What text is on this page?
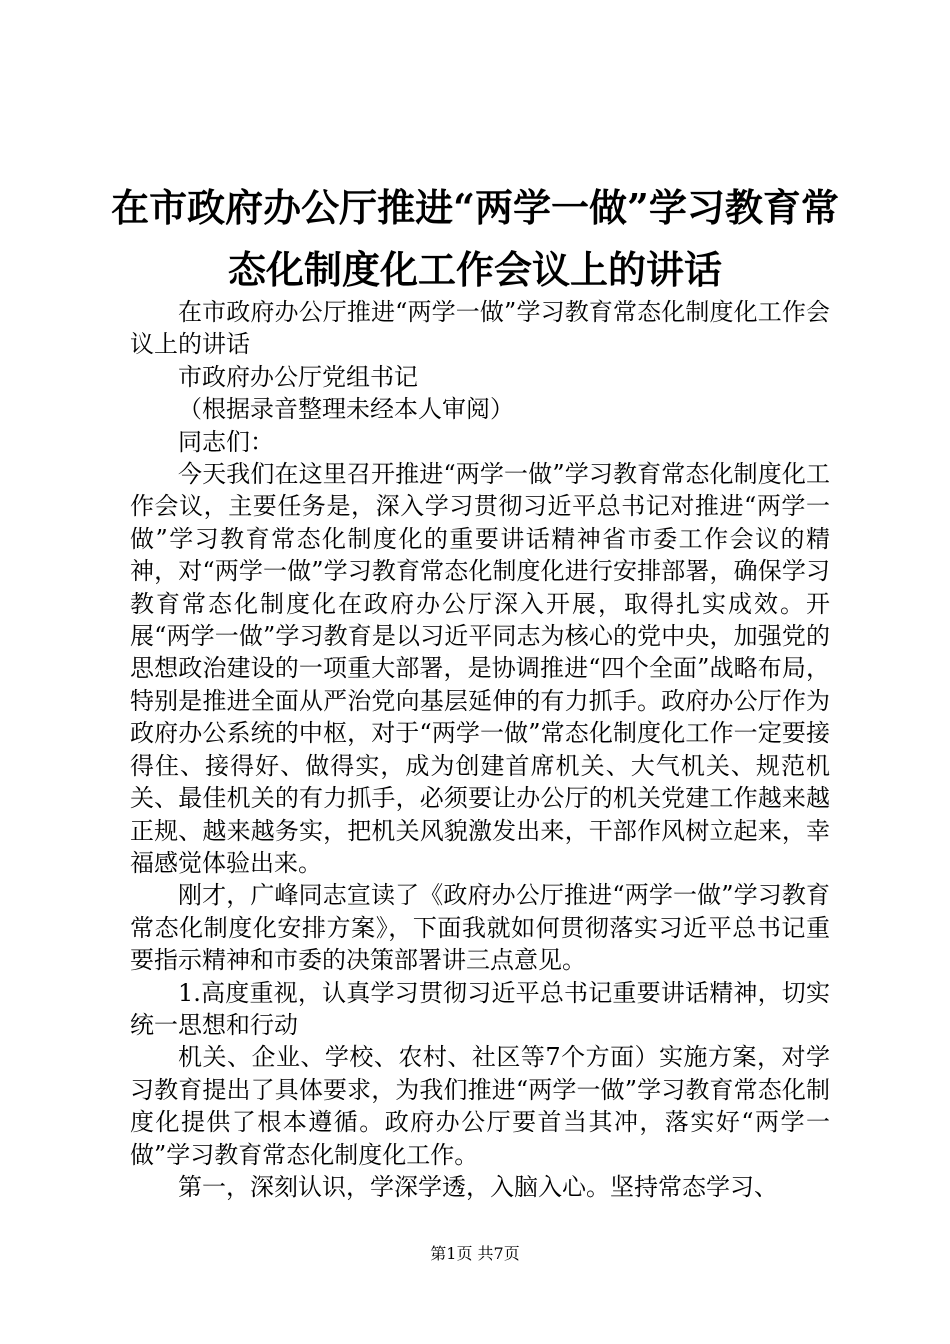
在市政府办公厅推进“两学一做”学习教育常
态化制度化工作会议上的讲话

在市政府办公厅推进“两学一做”学习教育常态化制度化工作会议上的讲话

市政府办公厅党组书记

（根据录音整理未经本人审阅）

同志们：

今天我们在这里召开推进“两学一做”学习教育常态化制度化工作会议，主要任务是，深入学习贯彻习近平总书记对推进“两学一做”学习教育常态化制度化的重要讲话精神省市委工作会议的精神，对“两学一做”学习教育常态化制度化进行安排部署，确保学习教育常态化制度化在政府办公厅深入开展，取得扎实成效。开展“两学一做”学习教育是以习近平同志为核心的党中央，加强党的思想政治建设的一项重大部署，是协调推进“四个全面”战略布局，特别是推进全面从严治党向基层延伸的有力抓手。政府办公厅作为政府办公系统的中枢，对于“两学一做”常态化制度化工作一定要接得住、接得好、做得实，成为创建首席机关、大气机关、规范机关、最佳机关的有力抓手，必须要让办公厅的机关党建工作越来越正规、越来越务实，把机关风貌激发出来，干部作风树立起来，幸福感觉体验出来。

刚才，广峰同志宣读了《政府办公厅推进“两学一做”学习教育常态化制度化安排方案》，下面我就如何贯彻落实习近平总书记重要指示精神和市委的决策部署讲三点意见。

1.高度重视，认真学习贯彻习近平总书记重要讲话精神，切实统一思想和行动

机关、企业、学校、农村、社区等7个方面）实施方案，对学习教育提出了具体要求，为我们推进“两学一做”学习教育常态化制度化提供了根本遵循。政府办公厅要首当其冲，落实好“两学一做”学习教育常态化制度化工作。

第一，深刻认识，学深学透，入脑入心。坚持常态学习、

第1页 共7页
